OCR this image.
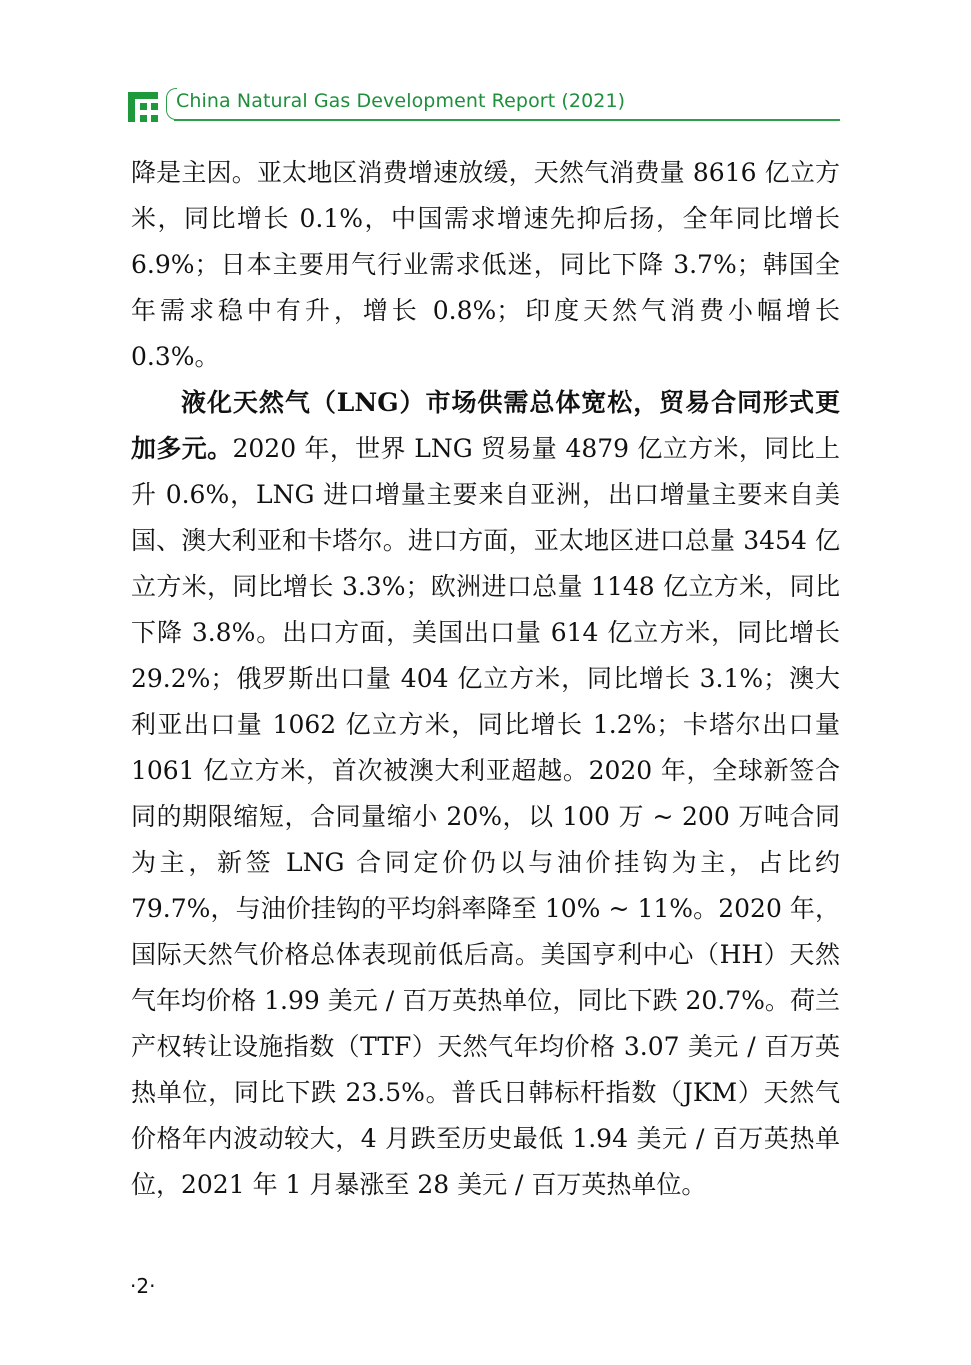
China Natural Gas Development Report (2021)

降是主因。亚太地区消费增速放缓，天然气消费量 8616 亿立方米，同比增长 0.1%，中国需求增速先抑后扬，全年同比增长 6.9%；日本主要用气行业需求低迷，同比下降 3.7%；韩国全年需求稳中有升，增长 0.8%；印度天然气消费小幅增长 0.3%。

液化天然气（LNG）市场供需总体宽松，贸易合同形式更加多元。2020 年，世界 LNG 贸易量 4879 亿立方米，同比上升 0.6%，LNG 进口增量主要来自亚洲，出口增量主要来自美国、澳大利亚和卡塔尔。进口方面，亚太地区进口总量 3454 亿立方米，同比增长 3.3%；欧洲进口总量 1148 亿立方米，同比下降 3.8%。出口方面，美国出口量 614 亿立方米，同比增长 29.2%；俄罗斯出口量 404 亿立方米，同比增长 3.1%；澳大利亚出口量 1062 亿立方米，同比增长 1.2%；卡塔尔出口量 1061 亿立方米，首次被澳大利亚超越。2020 年，全球新签合同的期限缩短，合同量缩小 20%，以 100 万 ~ 200 万吨合同为主，新签 LNG 合同定价仍以与油价挂钩为主，占比约 79.7%，与油价挂钩的平均斜率降至 10% ~ 11%。2020 年，国际天然气价格总体表现前低后高。美国亨利中心（HH）天然气年均价格 1.99 美元 / 百万英热单位，同比下跌 20.7%。荷兰产权转让设施指数（TTF）天然气年均价格 3.07 美元 / 百万英热单位，同比下跌 23.5%。普氏日韩标杆指数（JKM）天然气价格年内波动较大，4 月跌至历史最低 1.94 美元 / 百万英热单位，2021 年 1 月暴涨至 28 美元 / 百万英热单位。

·2·
